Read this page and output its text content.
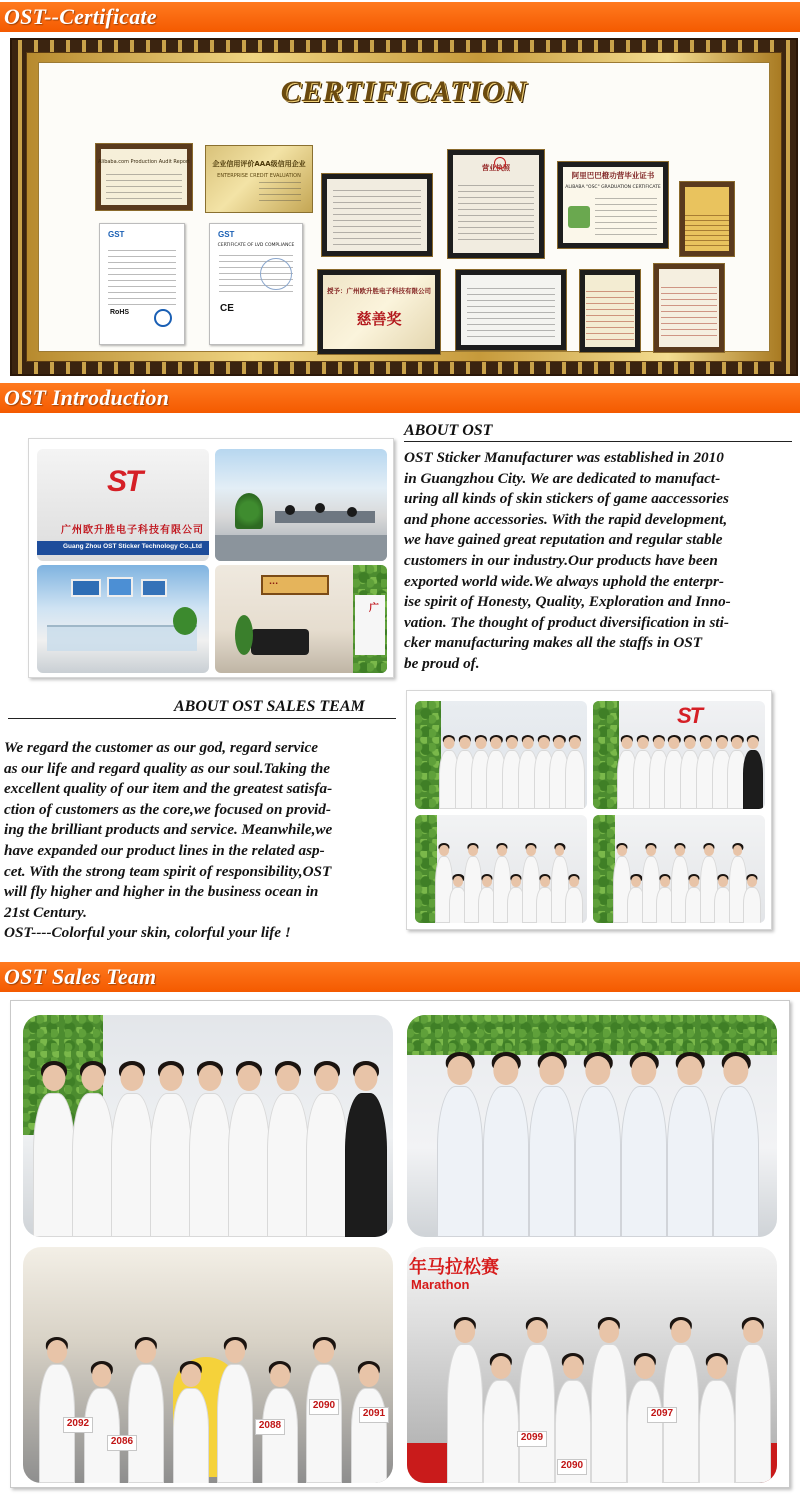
OST--Certificate
CERTIFICATION
Alibaba.com Production Audit Report	企业信用评价AAA级信用企业
ENTERPRISE CREDIT EVALUATION
GST
RoHS
GST
CERTIFICATE OF LVD COMPLIANCE
CE
营业执照
阿里巴巴橙功营毕业证书
ALIBABA "OSC" GRADUATION CERTIFICATE
授予：广州欧升胜电子科技有限公司
慈善奖
OST Introduction
ST
广州欧升胜电子科技有限公司
Guang Zhou OST Sticker Technology Co.,Ltd
···
广
ABOUT OST
OST Sticker Manufacturer was established in 2010
in Guangzhou City. We are dedicated to manufact-
uring all kinds of skin stickers of game aaccessories
and phone accessories. With the rapid development,
we have gained great reputation and regular stable
customers in our industry.Our products have been
exported world wide.We always uphold the enterpr-
ise spirit of Honesty, Quality, Exploration and Inno-
vation. The thought of product diversification in sti-
cker manufacturing makes all the staffs in OST
be proud of.
ABOUT OST SALES TEAM
We regard the customer as our god, regard service
as our life and regard quality as our soul.Taking the
excellent quality of our item and the greatest satisfa-
ction of customers as the core,we focused on provid-
ing the brilliant products and service. Meanwhile,we
have expanded our product lines in the related asp-
cet. With the strong team spirit of responsibility,OST
will fly higher and higher in the business ocean in
21st Century.
OST----Colorful your skin, colorful your life !
ST
OST Sales Team
2092
2086
2088
2090
2091
年马拉松赛
Marathon
2097
2099
2090
